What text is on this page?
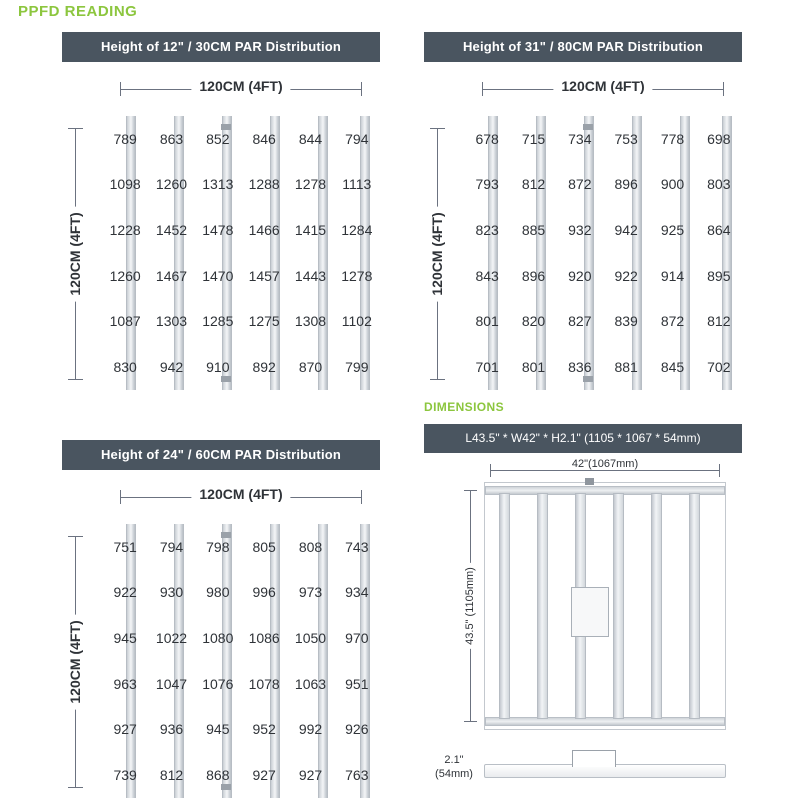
PPFD READING
Height of 12" / 30CM PAR Distribution
120CM (4FT)
120CM (4FT)
789	863	852	846	844	794
1098	1260	1313	1288	1278	1113
1228	1452	1478	1466	1415	1284
1260	1467	1470	1457	1443	1278
1087	1303	1285	1275	1308	1102
830	942	910	892	870	799
Height of 31" / 80CM PAR Distribution
120CM (4FT)
120CM (4FT)
678	715	734	753	778	698
793	812	872	896	900	803
823	885	932	942	925	864
843	896	920	922	914	895
801	820	827	839	872	812
701	801	836	881	845	702
Height of 24" / 60CM PAR Distribution
120CM (4FT)
120CM (4FT)
751	794	798	805	808	743
922	930	980	996	973	934
945	1022	1080	1086	1050	970
963	1047	1076	1078	1063	951
927	936	945	952	992	926
739	812	868	927	927	763
DIMENSIONS
L43.5" * W42" * H2.1" (1105 * 1067 * 54mm)
42"(1067mm)
43.5" (1105mm)
2.1"
(54mm)
